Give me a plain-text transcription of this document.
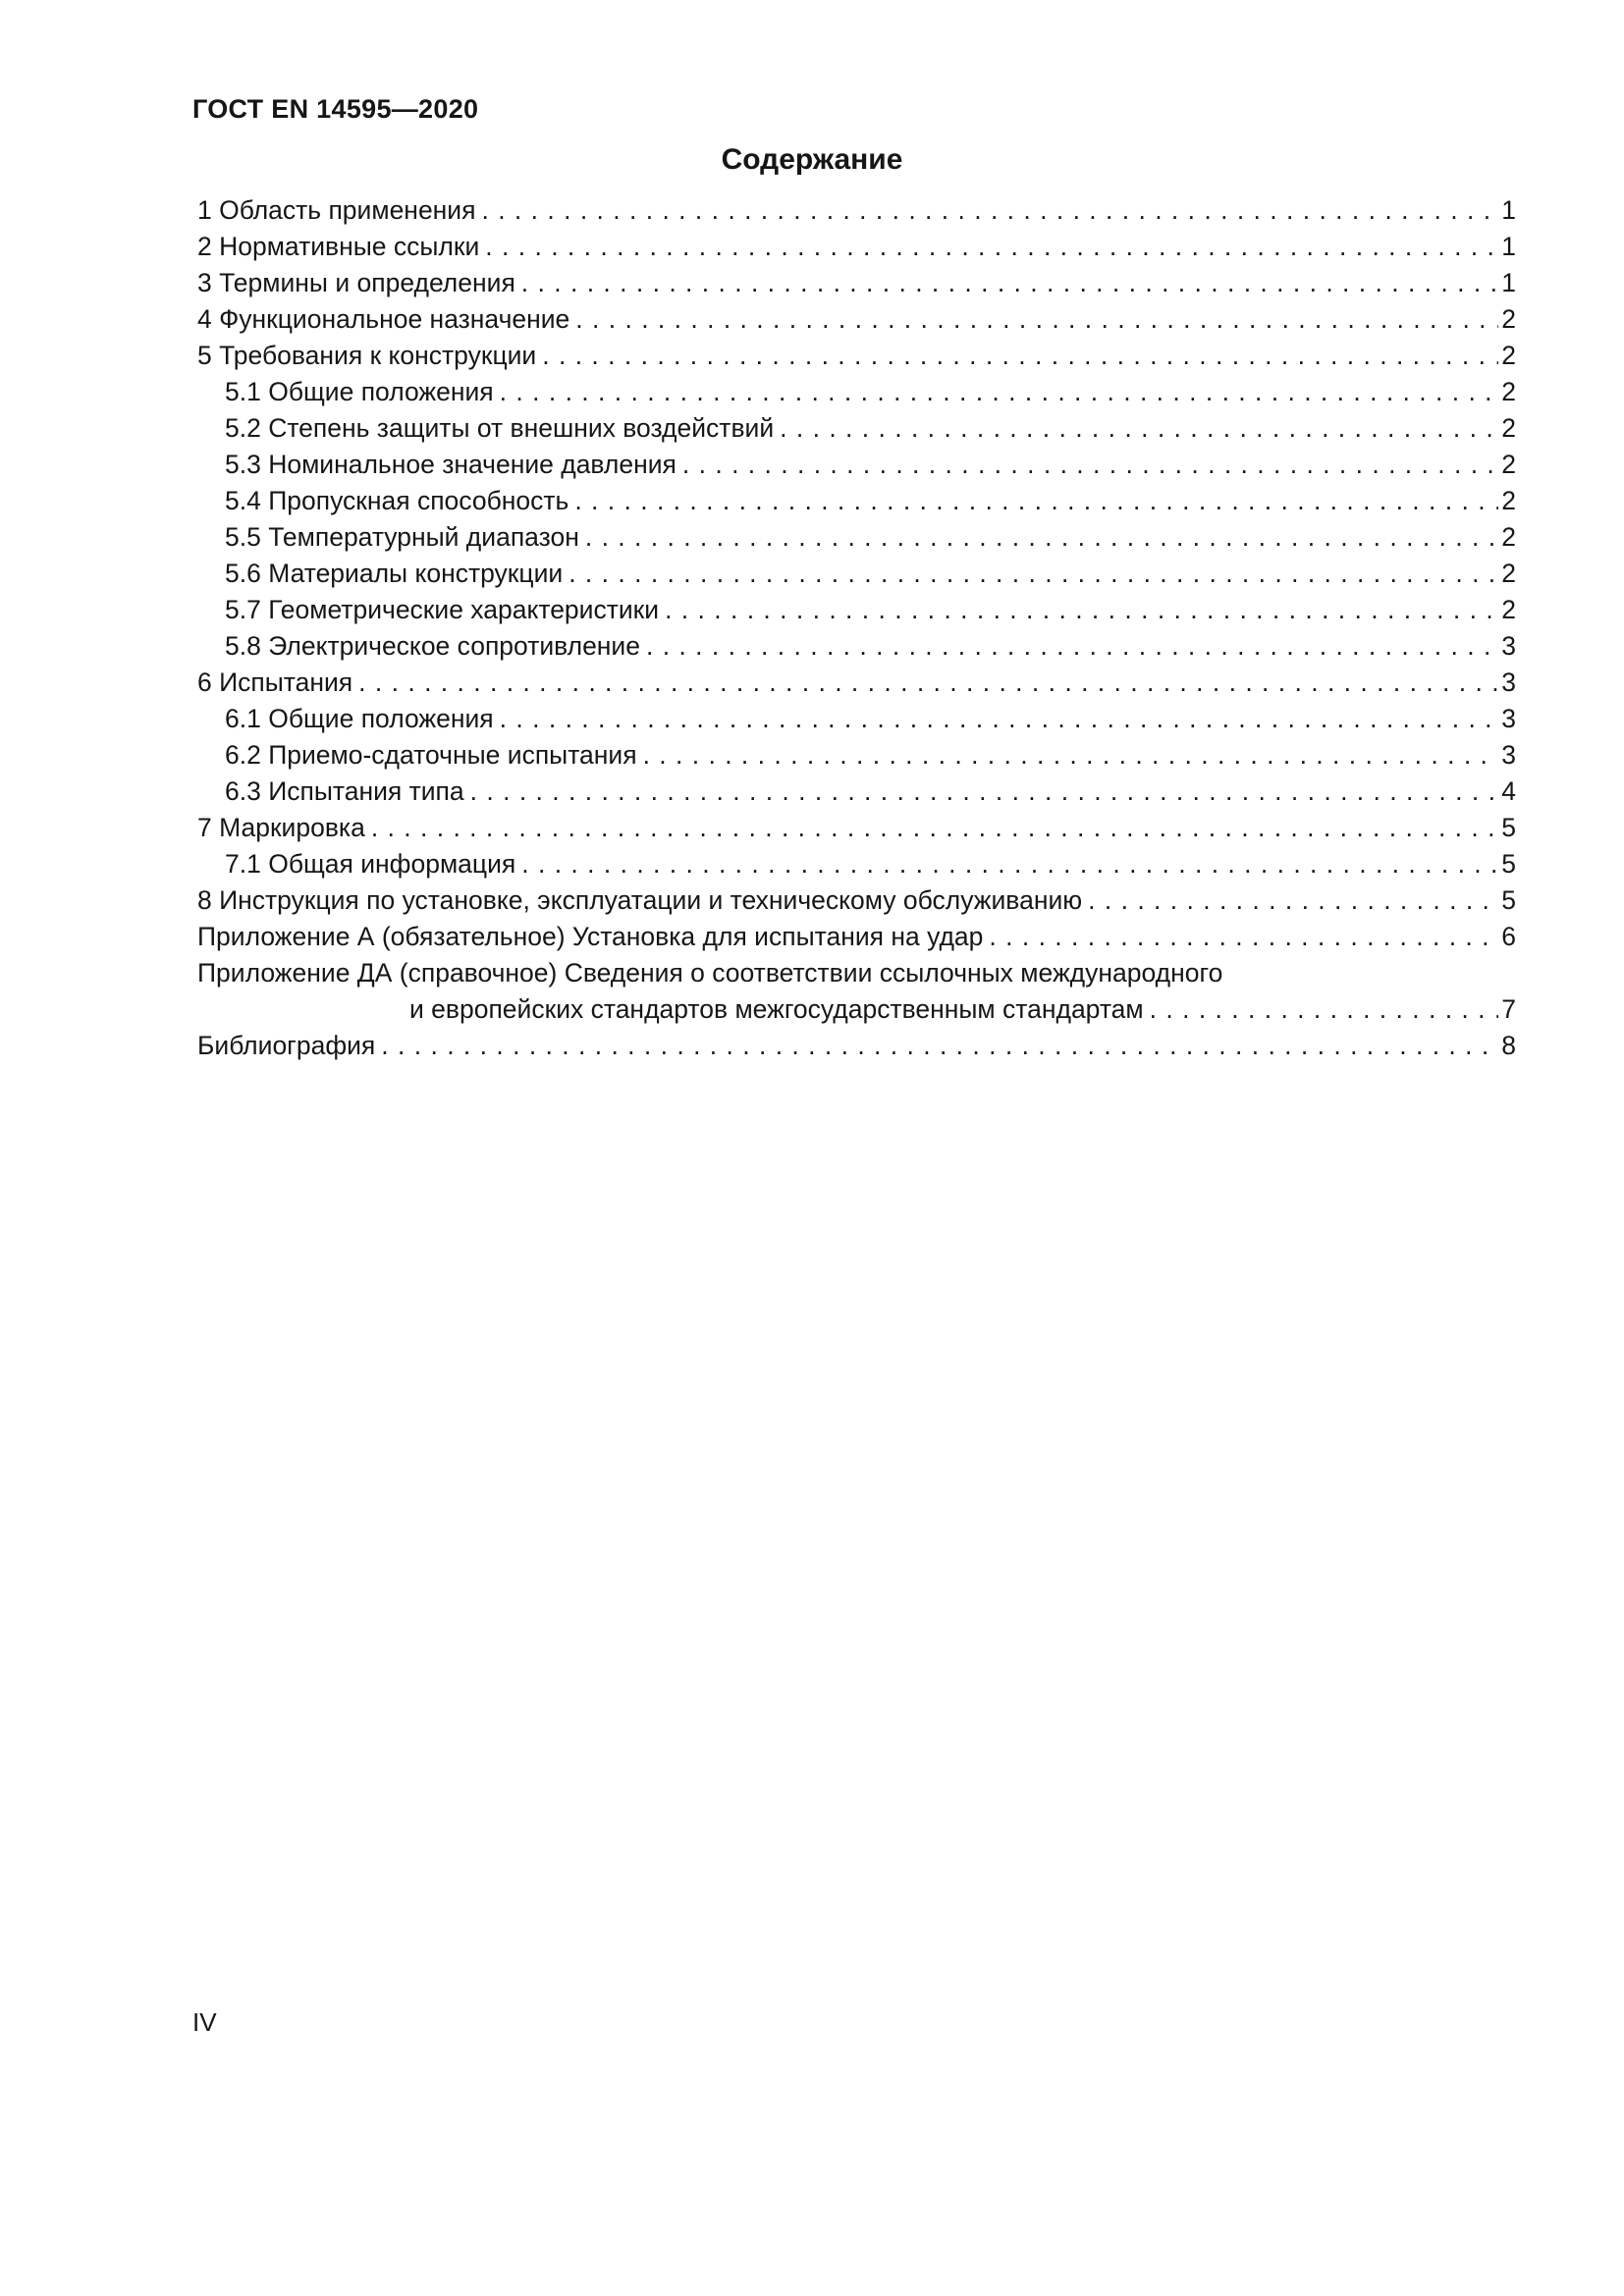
ГОСТ EN 14595—2020
Содержание
1 Область применения . . .	1
2 Нормативные ссылки . . .	1
3 Термины и определения . . .	1
4 Функциональное назначение . . .	2
5 Требования к конструкции . . .	2
5.1 Общие положения . . .	2
5.2 Степень защиты от внешних воздействий . . .	2
5.3 Номинальное значение давления . . .	2
5.4 Пропускная способность . . .	2
5.5 Температурный диапазон . . .	2
5.6 Материалы конструкции . . .	2
5.7 Геометрические характеристики . . .	2
5.8 Электрическое сопротивление . . .	3
6 Испытания . . .	3
6.1 Общие положения . . .	3
6.2 Приемо-сдаточные испытания . . .	3
6.3 Испытания типа . . .	4
7 Маркировка . . .	5
7.1 Общая информация . . .	5
8 Инструкция по установке, эксплуатации и техническому обслуживанию . . .	5
Приложение А (обязательное) Установка для испытания на удар . . .	6
Приложение ДА (справочное) Сведения о соответствии ссылочных международного
и европейских стандартов межгосударственным стандартам . . .	7
Библиография . . .	8
IV
